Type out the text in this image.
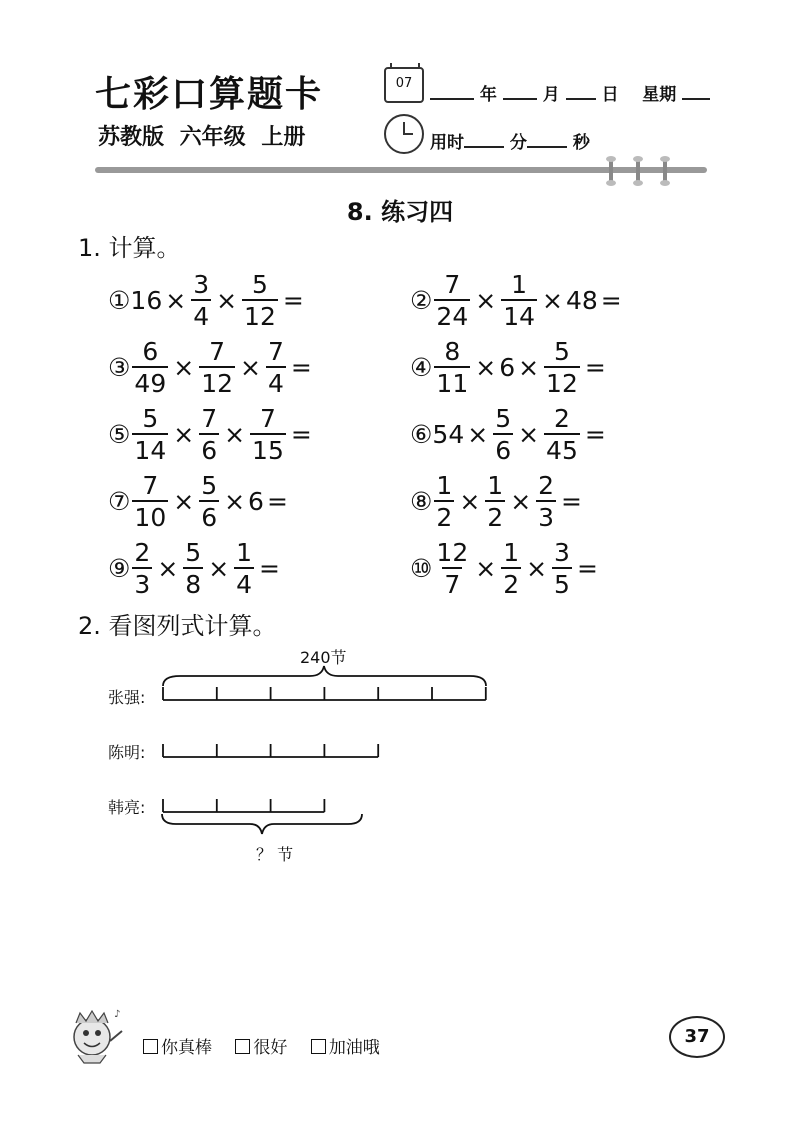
七彩口算题卡
苏教版 六年级 上册
07
年	月 日 星期
用时	分	秒
8. 练习四
1. 计算。
① $16 \times \frac{3}{4} \times \frac{5}{12}$ =	② $\frac{7}{24} \times \frac{1}{14} \times 48$ =
③ $\frac{6}{49} \times \frac{7}{12} \times \frac{7}{4}$ =	④ $\frac{8}{11} \times 6 \times \frac{5}{12}$ =
⑤ $\frac{5}{14} \times \frac{7}{6} \times \frac{7}{15}$ =	⑥ $54 \times \frac{5}{6} \times \frac{2}{45}$ =
⑦ $\frac{7}{10} \times \frac{5}{6} \times 6$ =	⑧ $\frac{1}{2} \times \frac{1}{2} \times \frac{2}{3}$ =
⑨ $\frac{2}{3} \times \frac{5}{8} \times \frac{1}{4}$ =	⑩ $\frac{12}{7} \times \frac{1}{2} \times \frac{3}{5}$ =
2. 看图列式计算。
240节
张强:
陈明:
韩亮:
？ 节
♪
你真棒 很好 加油哦
37
